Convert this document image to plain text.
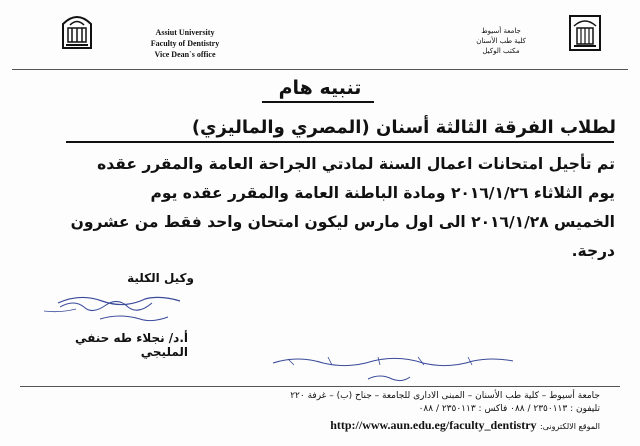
Assiut University
Faculty of Dentistry
Vice Dean`s office
جامعة أسيوط
كلية طب الأسنان
مكتب الوكيل
تنبيه هام
لطلاب الفرقة الثالثة أسنان (المصري والماليزي)

تم تأجيل امتحانات اعمال السنة لمادتي الجراحة العامة والمقرر عقده

يوم الثلاثاء ٢٠١٦/١/٢٦ ومادة الباطنة العامة والمقرر عقده يوم

الخميس ٢٠١٦/١/٢٨ الى اول مارس ليكون امتحان واحد فقط من عشرون

درجة.

وكيل الكلية
أ.د/ نجلاء طه حنفي المليجي
جامعة أسيوط – كلية طب الأسنان – المبنى الادارى للجامعة – جناح (ب) – غرفة ٢٢٠
تليفون : ٢٣٥٠١١٣ / ٠٨٨ فاكس : ٢٣٥٠١١٣ / ٠٨٨
الموقع الالكترونى: http://www.aun.edu.eg/faculty_dentistry
